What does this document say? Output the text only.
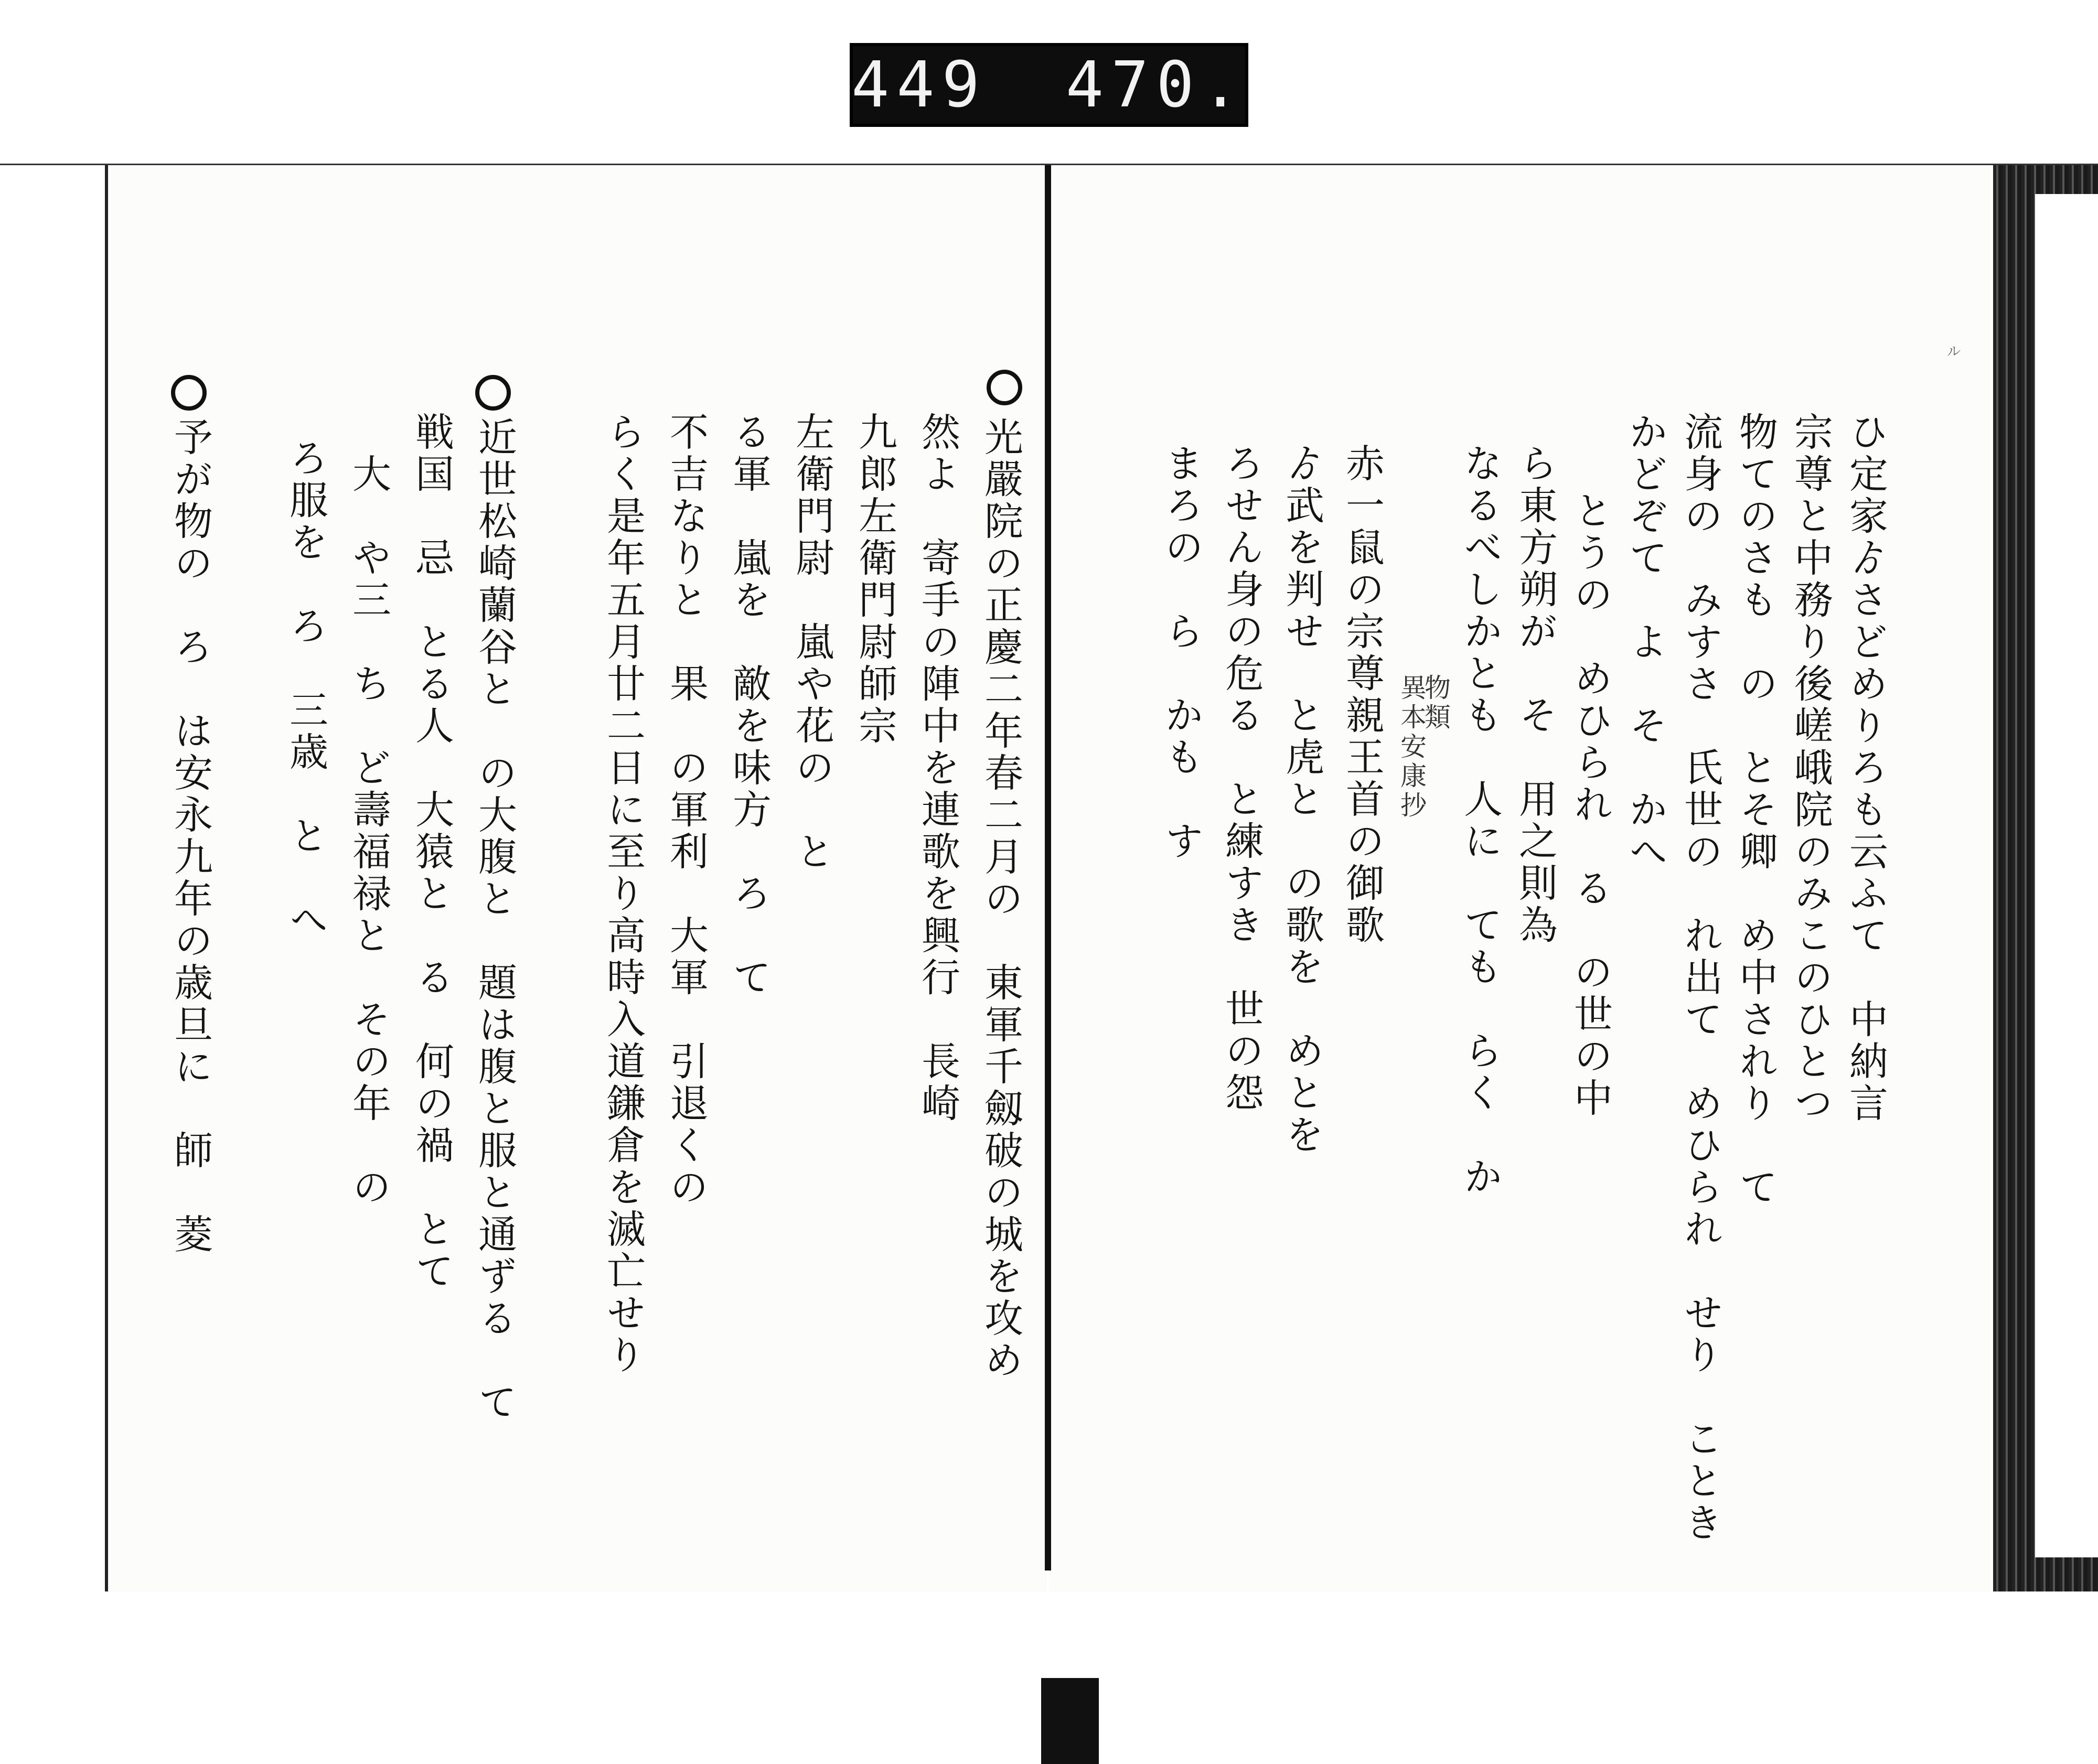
449 470.
光嚴院の正慶二年春二月の　東軍千劔破の城を攻め
然よ　寄手の陣中を連歌を興行　長崎
九郎左衛門尉師宗
左衛門尉　嵐や花の　と
る軍　嵐を　敵を味方　ろ　て
不吉なりと　果　の軍利　大軍　引退くの
らく是年五月廿二日に至り高時入道鎌倉を滅亡せり
近世松崎蘭谷と　の大腹と　題は腹と服と通ずる　て
戦国　忌　とる人　大猿と　る　何の禍　とて
大　や三　ち　ど壽福禄と　その年　の
ろ服を　ろ　三歳　と　へ
予が物の　ろ　は安永九年の歳旦に　師　菱	ひ定家ゟさどめりろも云ふて　中納言
宗尊と中務り後嵯峨院のみこのひとつ
物てのさも　の　とそ卿　め中されり　て
流身の　みすさ　氏世の　れ出て　めひられ　せり　ことき
かどぞて　よ　そ　かへ
とうの　めひられ　る　の世の中
ら東方朔が　そ　用之則為
なるべしかとも　人に　ても　らく　か
物類
異本安康抄
赤一鼠の宗尊親王首の御歌
ゟ武を判せ　と虎と　の歌を　めとを
ろせん身の危る　と練すき　世の怨
まろの　ら　かも　す
ル
